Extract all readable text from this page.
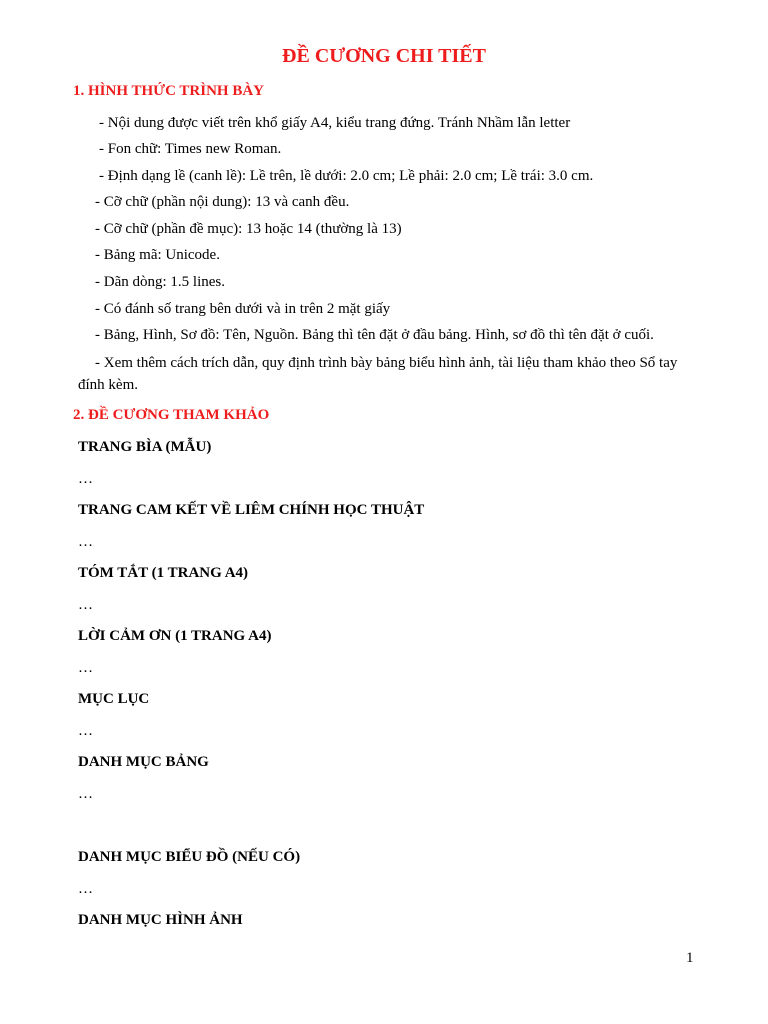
ĐỀ CƯƠNG CHI TIẾT
1. HÌNH THỨC TRÌNH BÀY
- Nội dung được viết trên khổ giấy A4, kiểu trang đứng. Tránh Nhầm lẫn letter
- Fon chữ: Times new Roman.
- Định dạng lề (canh lề): Lề trên, lề dưới: 2.0 cm; Lề phải: 2.0 cm; Lề trái: 3.0 cm.
- Cỡ chữ (phần nội dung): 13 và canh đều.
- Cỡ chữ (phần đề mục): 13 hoặc 14 (thường là 13)
- Bảng mã: Unicode.
- Dãn dòng: 1.5 lines.
- Có đánh số trang bên dưới và in trên 2 mặt giấy
- Bảng, Hình, Sơ đồ: Tên, Nguồn. Bảng thì tên đặt ở đầu bảng. Hình, sơ đồ thì tên đặt ở cuối.
- Xem thêm cách trích dẫn, quy định trình bày bảng biểu hình ảnh, tài liệu tham khảo theo Sổ tay đính kèm.
2. ĐỀ CƯƠNG THAM KHẢO
TRANG BÌA (MẪU)
…
TRANG CAM KẾT VỀ LIÊM CHÍNH HỌC THUẬT
…
TÓM TẮT (1 TRANG A4)
…
LỜI CẢM ƠN (1 TRANG A4)
…
MỤC LỤC
…
DANH MỤC BẢNG
…
DANH MỤC BIỂU ĐỒ (NẾU CÓ)
…
DANH MỤC HÌNH ẢNH
1
